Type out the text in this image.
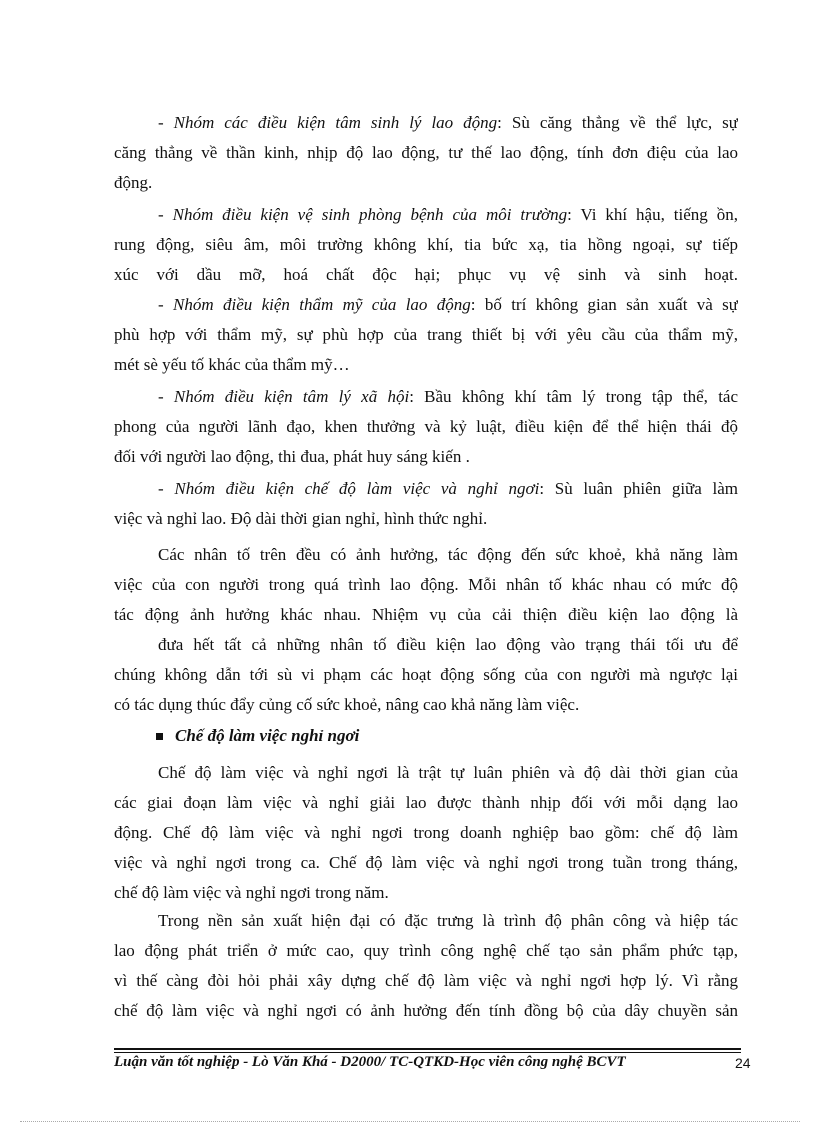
- Nhóm các điều kiện tâm sinh lý lao động: Sù căng thẳng về thể lực, sự
căng thẳng về thần kinh, nhịp độ lao động, tư thế lao động, tính đơn điệu của lao
động.
- Nhóm điều kiện vệ sinh phòng bệnh của môi trường: Vi khí hậu, tiếng ồn,
rung động, siêu âm, môi trường không khí, tia bức xạ, tia hồng ngoại, sự tiếp
xúc với dầu mỡ, hoá chất độc hại; phục vụ vệ sinh và sinh hoạt.
- Nhóm điều kiện thẩm mỹ của lao động: bố trí không gian sản xuất và sự
phù hợp với thẩm mỹ, sự phù hợp của trang thiết bị với yêu cầu của thẩm mỹ,
mét sè yếu tố khác của thẩm mỹ…
- Nhóm điều kiện tâm lý xã hội: Bầu không khí tâm lý trong tập thể, tác
phong của người lãnh đạo, khen thưởng và kỷ luật, điều kiện để thể hiện thái độ
đối với người lao động, thi đua, phát huy sáng kiến .
- Nhóm điều kiện chế độ làm việc và nghỉ ngơi: Sù luân phiên giữa làm
việc và nghỉ lao. Độ dài thời gian nghỉ, hình thức nghỉ.
Các nhân tố trên đều có ảnh hưởng, tác động đến sức khoẻ, khả năng làm
việc của con người trong quá trình lao động. Mỗi nhân tố khác nhau có mức độ
tác động ảnh hưởng khác nhau. Nhiệm vụ của cải thiện điều kiện lao động là
đưa hết tất cả những nhân tố điều kiện lao động vào trạng thái tối ưu để
chúng không dẫn tới sù vi phạm các hoạt động sống của con người mà ngược lại
có tác dụng thúc đẩy củng cố sức khoẻ, nâng cao khả năng làm việc.
Chế độ làm việc nghỉ ngơi
Chế độ làm việc và nghỉ ngơi là trật tự luân phiên và độ dài thời gian của
các giai đoạn làm việc và nghỉ giải lao được thành nhịp đối với mỗi dạng lao
động. Chế độ làm việc và nghỉ ngơi trong doanh nghiệp bao gồm: chế độ làm
việc và nghỉ ngơi trong ca. Chế độ làm việc và nghỉ ngơi trong tuần trong tháng,
chế độ làm việc và nghỉ ngơi trong năm.
Trong nền sản xuất hiện đại có đặc trưng là trình độ phân công và hiệp tác
lao động phát triển ở mức cao, quy trình công nghệ chế tạo sản phẩm phức tạp,
vì thế càng đòi hỏi phải xây dựng chế độ làm việc và nghỉ ngơi hợp lý. Vì rằng
chế độ làm việc và nghỉ ngơi có ảnh hưởng đến tính đồng bộ của dây chuyền sản
Luận văn tốt nghiệp - Lò Văn Khá - D2000/ TC-QTKD-Học viên công nghệ BCVT	24
